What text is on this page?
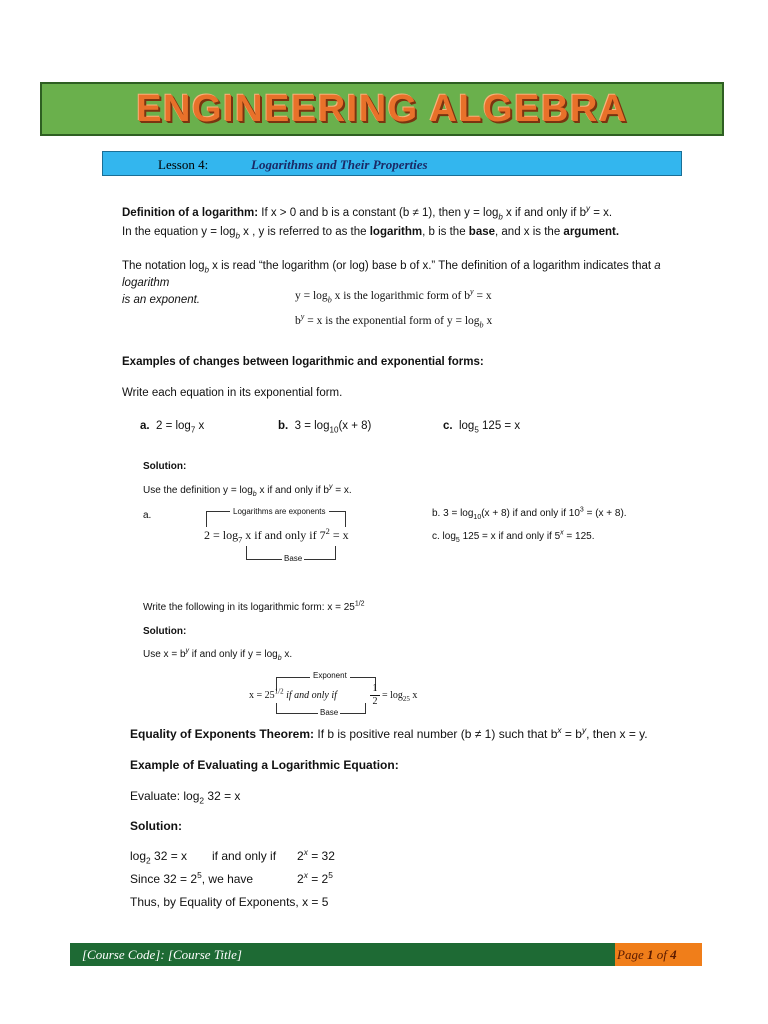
ENGINEERING ALGEBRA
Lesson 4:	Logarithms and Their Properties
Definition of a logarithm: If x > 0 and b is a constant (b ≠ 1), then $y = \log_b x$ if and only if $b^y = x$.
In the equation $y = \log_b x$ , y is referred to as the logarithm, b is the base, and x is the argument.
The notation $\log_b x$ is read “the logarithm (or log) base b of x.” The definition of a logarithm indicates that a logarithm
is an exponent.	$y = \log_b x$ is the logarithmic form of $b^y = x$
$b^y = x$ is the exponential form of $y = \log_b x$
Examples of changes between logarithmic and exponential forms:
Write each equation in its exponential form.
a. $2 = \log_7 x$	b. $3 = \log_{10}(x + 8)$	c. $\log_5 125 = x$
Solution:
Use the definition $y = \log_b x$ if and only if $b^y = x$.
a.	Logarithms are exponents
$2 = \log_7 x$ if and only if $7^2 = x$
Base
b. $3 = \log_{10}(x + 8)$ if and only if $10^3 = (x + 8)$.
c. $\log_5 125 = x$ if and only if $5^x = 125$.
Write the following in its logarithmic form: $x = 25^{1/2}$
Solution:
Use $x = b^y$ if and only if $y = \log_b x$.
Exponent
$x = 25^{1/2}$ if and only if
1
2
= $\log_{25} x$
Base
Equality of Exponents Theorem: If b is positive real number (b ≠ 1) such that $b^x = b^y$, then x = y.
Example of Evaluating a Logarithmic Equation:
Evaluate: $\log_2 32 = x$
Solution:
$\log_2 32 = x$ if and only if $2^x = 32$
Since $32 = 2^5$, we have	$2^x = 2^5$
Thus, by Equality of Exponents, x = 5
[Course Code]: [Course Title]	Page 1 of 4
